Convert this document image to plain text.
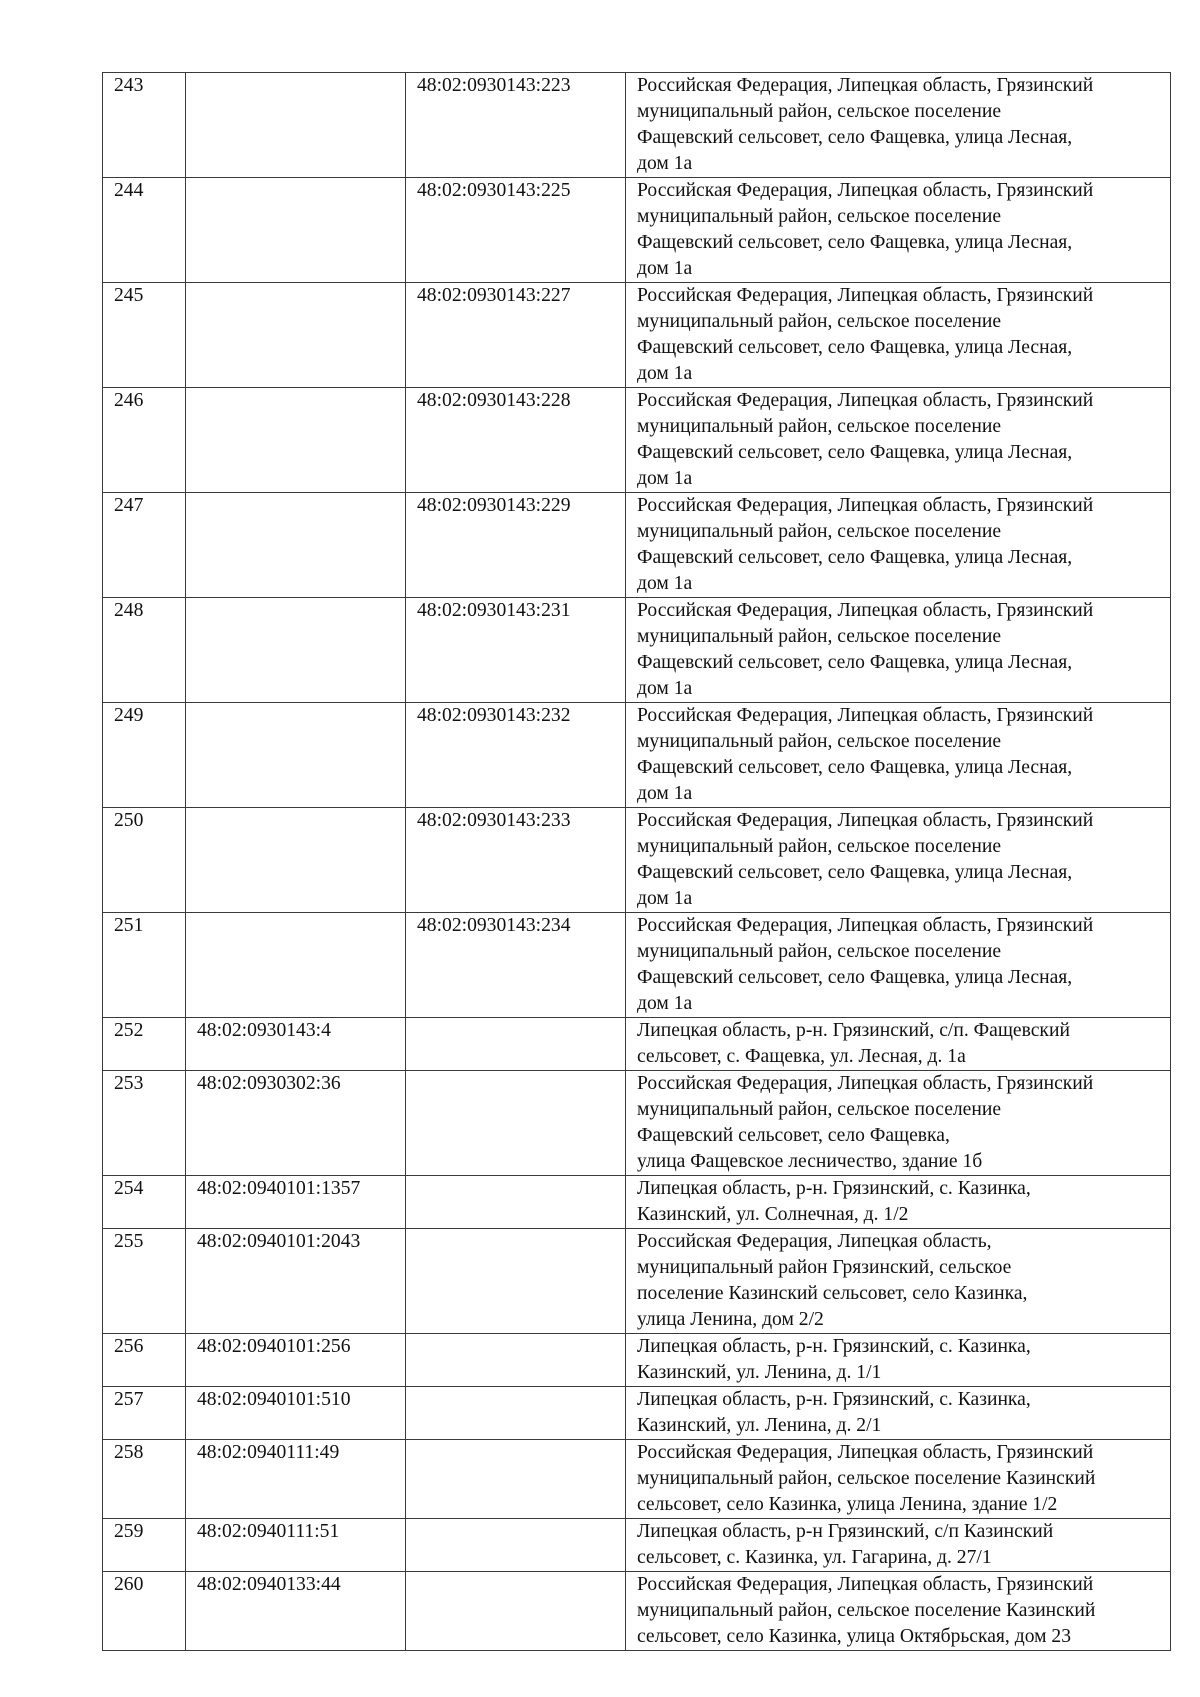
243		48:02:0930143:223	Российская Федерация, Липецкая область, Грязинский
муниципальный район, сельское поселение
Фащевский сельсовет, село Фащевка, улица Лесная,
дом 1а

244		48:02:0930143:225	Российская Федерация, Липецкая область, Грязинский
муниципальный район, сельское поселение
Фащевский сельсовет, село Фащевка, улица Лесная,
дом 1а

245		48:02:0930143:227	Российская Федерация, Липецкая область, Грязинский
муниципальный район, сельское поселение
Фащевский сельсовет, село Фащевка, улица Лесная,
дом 1а

246		48:02:0930143:228	Российская Федерация, Липецкая область, Грязинский
муниципальный район, сельское поселение
Фащевский сельсовет, село Фащевка, улица Лесная,
дом 1а

247		48:02:0930143:229	Российская Федерация, Липецкая область, Грязинский
муниципальный район, сельское поселение
Фащевский сельсовет, село Фащевка, улица Лесная,
дом 1а

248		48:02:0930143:231	Российская Федерация, Липецкая область, Грязинский
муниципальный район, сельское поселение
Фащевский сельсовет, село Фащевка, улица Лесная,
дом 1а

249		48:02:0930143:232	Российская Федерация, Липецкая область, Грязинский
муниципальный район, сельское поселение
Фащевский сельсовет, село Фащевка, улица Лесная,
дом 1а

250		48:02:0930143:233	Российская Федерация, Липецкая область, Грязинский
муниципальный район, сельское поселение
Фащевский сельсовет, село Фащевка, улица Лесная,
дом 1а

251		48:02:0930143:234	Российская Федерация, Липецкая область, Грязинский
муниципальный район, сельское поселение
Фащевский сельсовет, село Фащевка, улица Лесная,
дом 1а

252	48:02:0930143:4		Липецкая область, р-н. Грязинский, с/п. Фащевский
сельсовет, с. Фащевка, ул. Лесная, д. 1а

253	48:02:0930302:36		Российская Федерация, Липецкая область, Грязинский
муниципальный район, сельское поселение
Фащевский сельсовет, село Фащевка,
улица Фащевское лесничество, здание 1б

254	48:02:0940101:1357		Липецкая область, р-н. Грязинский, с. Казинка,
Казинский, ул. Солнечная, д. 1/2

255	48:02:0940101:2043		Российская Федерация, Липецкая область,
муниципальный район Грязинский, сельское
поселение Казинский сельсовет, село Казинка,
улица Ленина, дом 2/2

256	48:02:0940101:256		Липецкая область, р-н. Грязинский, с. Казинка,
Казинский, ул. Ленина, д. 1/1

257	48:02:0940101:510		Липецкая область, р-н. Грязинский, с. Казинка,
Казинский, ул. Ленина, д. 2/1

258	48:02:0940111:49		Российская Федерация, Липецкая область, Грязинский
муниципальный район, сельское поселение Казинский
сельсовет, село Казинка, улица Ленина, здание 1/2

259	48:02:0940111:51		Липецкая область, р-н Грязинский, с/п Казинский
сельсовет, с. Казинка, ул. Гагарина, д. 27/1

260	48:02:0940133:44		Российская Федерация, Липецкая область, Грязинский
муниципальный район, сельское поселение Казинский
сельсовет, село Казинка, улица Октябрьская, дом 23
